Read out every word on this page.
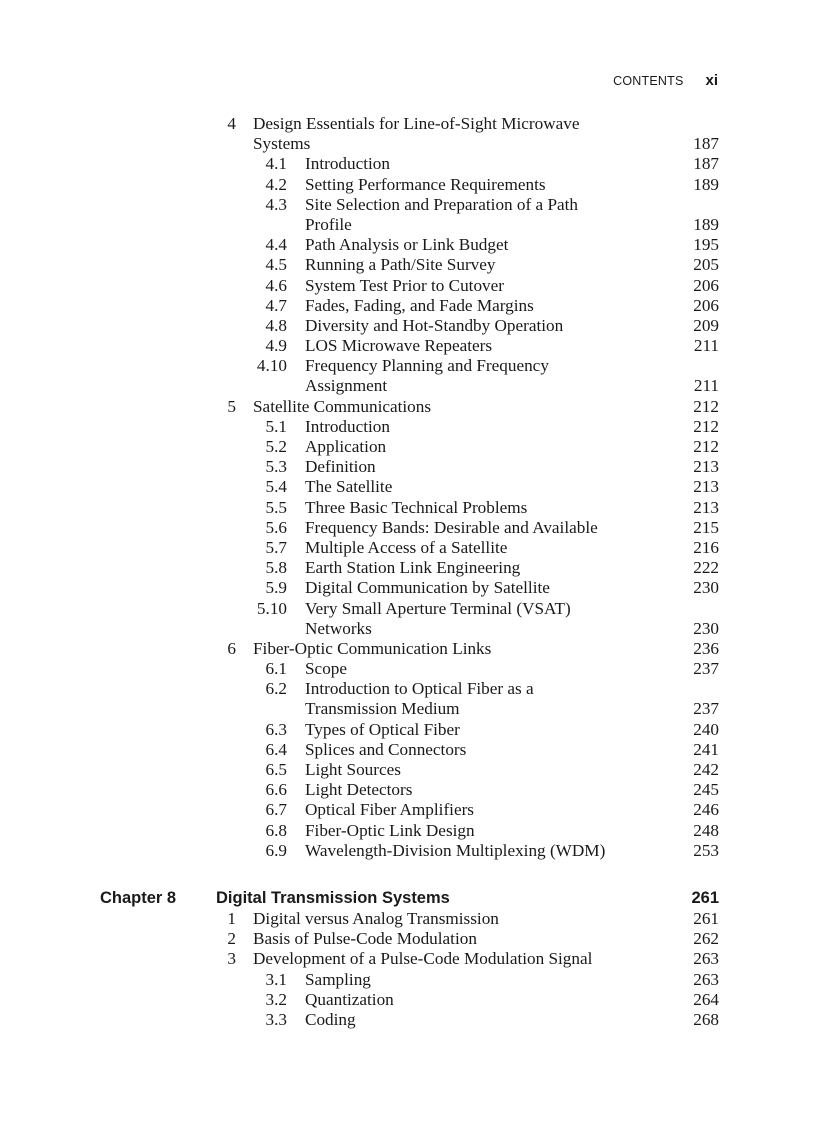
CONTENTS xi
4 Design Essentials for Line-of-Sight Microwave
Systems	187
4.1 Introduction	187
4.2 Setting Performance Requirements	189
4.3 Site Selection and Preparation of a Path
Profile	189
4.4 Path Analysis or Link Budget	195
4.5 Running a Path/Site Survey	205
4.6 System Test Prior to Cutover	206
4.7 Fades, Fading, and Fade Margins	206
4.8 Diversity and Hot-Standby Operation	209
4.9 LOS Microwave Repeaters	211
4.10 Frequency Planning and Frequency
Assignment	211
5 Satellite Communications	212
5.1 Introduction	212
5.2 Application	212
5.3 Definition	213
5.4 The Satellite	213
5.5 Three Basic Technical Problems	213
5.6 Frequency Bands: Desirable and Available	215
5.7 Multiple Access of a Satellite	216
5.8 Earth Station Link Engineering	222
5.9 Digital Communication by Satellite	230
5.10 Very Small Aperture Terminal (VSAT)
Networks	230
6 Fiber-Optic Communication Links	236
6.1 Scope	237
6.2 Introduction to Optical Fiber as a
Transmission Medium	237
6.3 Types of Optical Fiber	240
6.4 Splices and Connectors	241
6.5 Light Sources	242
6.6 Light Detectors	245
6.7 Optical Fiber Amplifiers	246
6.8 Fiber-Optic Link Design	248
6.9 Wavelength-Division Multiplexing (WDM)	253
Chapter 8 Digital Transmission Systems	261
1 Digital versus Analog Transmission	261
2 Basis of Pulse-Code Modulation	262
3 Development of a Pulse-Code Modulation Signal	263
3.1 Sampling	263
3.2 Quantization	264
3.3 Coding	268
